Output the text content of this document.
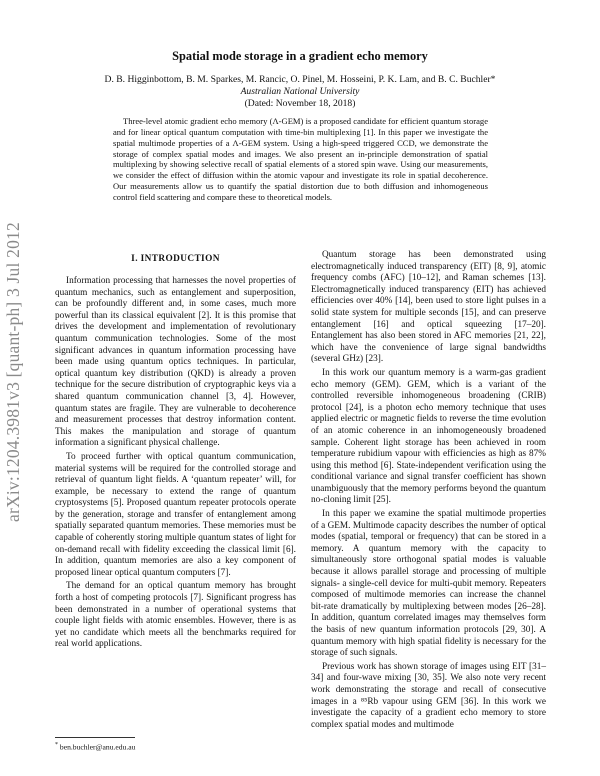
arXiv:1204.3981v3 [quant-ph] 3 Jul 2012
Spatial mode storage in a gradient echo memory
D. B. Higginbottom, B. M. Sparkes, M. Rancic, O. Pinel, M. Hosseini, P. K. Lam, and B. C. Buchler*
Australian National University
(Dated: November 18, 2018)
Three-level atomic gradient echo memory (Λ-GEM) is a proposed candidate for efficient quantum storage and for linear optical quantum computation with time-bin multiplexing [1]. In this paper we investigate the spatial multimode properties of a Λ-GEM system. Using a high-speed triggered CCD, we demonstrate the storage of complex spatial modes and images. We also present an in-principle demonstration of spatial multiplexing by showing selective recall of spatial elements of a stored spin wave. Using our measurements, we consider the effect of diffusion within the atomic vapour and investigate its role in spatial decoherence. Our measurements allow us to quantify the spatial distortion due to both diffusion and inhomogeneous control field scattering and compare these to theoretical models.
I. INTRODUCTION

Information processing that harnesses the novel properties of quantum mechanics, such as entanglement and superposition, can be profoundly different and, in some cases, much more powerful than its classical equivalent [2]. It is this promise that drives the development and implementation of revolutionary quantum communication technologies. Some of the most significant advances in quantum information processing have been made using quantum optics techniques. In particular, optical quantum key distribution (QKD) is already a proven technique for the secure distribution of cryptographic keys via a shared quantum communication channel [3, 4]. However, quantum states are fragile. They are vulnerable to decoherence and measurement processes that destroy information content. This makes the manipulation and storage of quantum information a significant physical challenge.

To proceed further with optical quantum communication, material systems will be required for the controlled storage and retrieval of quantum light fields. A ‘quantum repeater’ will, for example, be necessary to extend the range of quantum cryptosystems [5]. Proposed quantum repeater protocols operate by the generation, storage and transfer of entanglement among spatially separated quantum memories. These memories must be capable of coherently storing multiple quantum states of light for on-demand recall with fidelity exceeding the classical limit [6]. In addition, quantum memories are also a key component of proposed linear optical quantum computers [7].

The demand for an optical quantum memory has brought forth a host of competing protocols [7]. Significant progress has been demonstrated in a number of operational systems that couple light fields with atomic ensembles. However, there is as yet no candidate which meets all the benchmarks required for real world applications.

Quantum storage has been demonstrated using electromagnetically induced transparency (EIT) [8, 9], atomic frequency combs (AFC) [10–12], and Raman schemes [13]. Electromagnetically induced transparency (EIT) has achieved efficiencies over 40% [14], been used to store light pulses in a solid state system for multiple seconds [15], and can preserve entanglement [16] and optical squeezing [17–20]. Entanglement has also been stored in AFC memories [21, 22], which have the convenience of large signal bandwidths (several GHz) [23].

In this work our quantum memory is a warm-gas gradient echo memory (GEM). GEM, which is a variant of the controlled reversible inhomogeneous broadening (CRIB) protocol [24], is a photon echo memory technique that uses applied electric or magnetic fields to reverse the time evolution of an atomic coherence in an inhomogeneously broadened sample. Coherent light storage has been achieved in room temperature rubidium vapour with efficiencies as high as 87% using this method [6]. State-independent verification using the conditional variance and signal transfer coefficient has shown unambiguously that the memory performs beyond the quantum no-cloning limit [25].

In this paper we examine the spatial multimode properties of a GEM. Multimode capacity describes the number of optical modes (spatial, temporal or frequency) that can be stored in a memory. A quantum memory with the capacity to simultaneously store orthogonal spatial modes is valuable because it allows parallel storage and processing of multiple signals- a single-cell device for multi-qubit memory. Repeaters composed of multimode memories can increase the channel bit-rate dramatically by multiplexing between modes [26–28]. In addition, quantum correlated images may themselves form the basis of new quantum information protocols [29, 30]. A quantum memory with high spatial fidelity is necessary for the storage of such signals.

Previous work has shown storage of images using EIT [31–34] and four-wave mixing [30, 35]. We also note very recent work demonstrating the storage and recall of consecutive images in a ⁸⁵Rb vapour using GEM [36]. In this work we investigate the capacity of a gradient echo memory to store complex spatial modes and multimode

* ben.buchler@anu.edu.au
